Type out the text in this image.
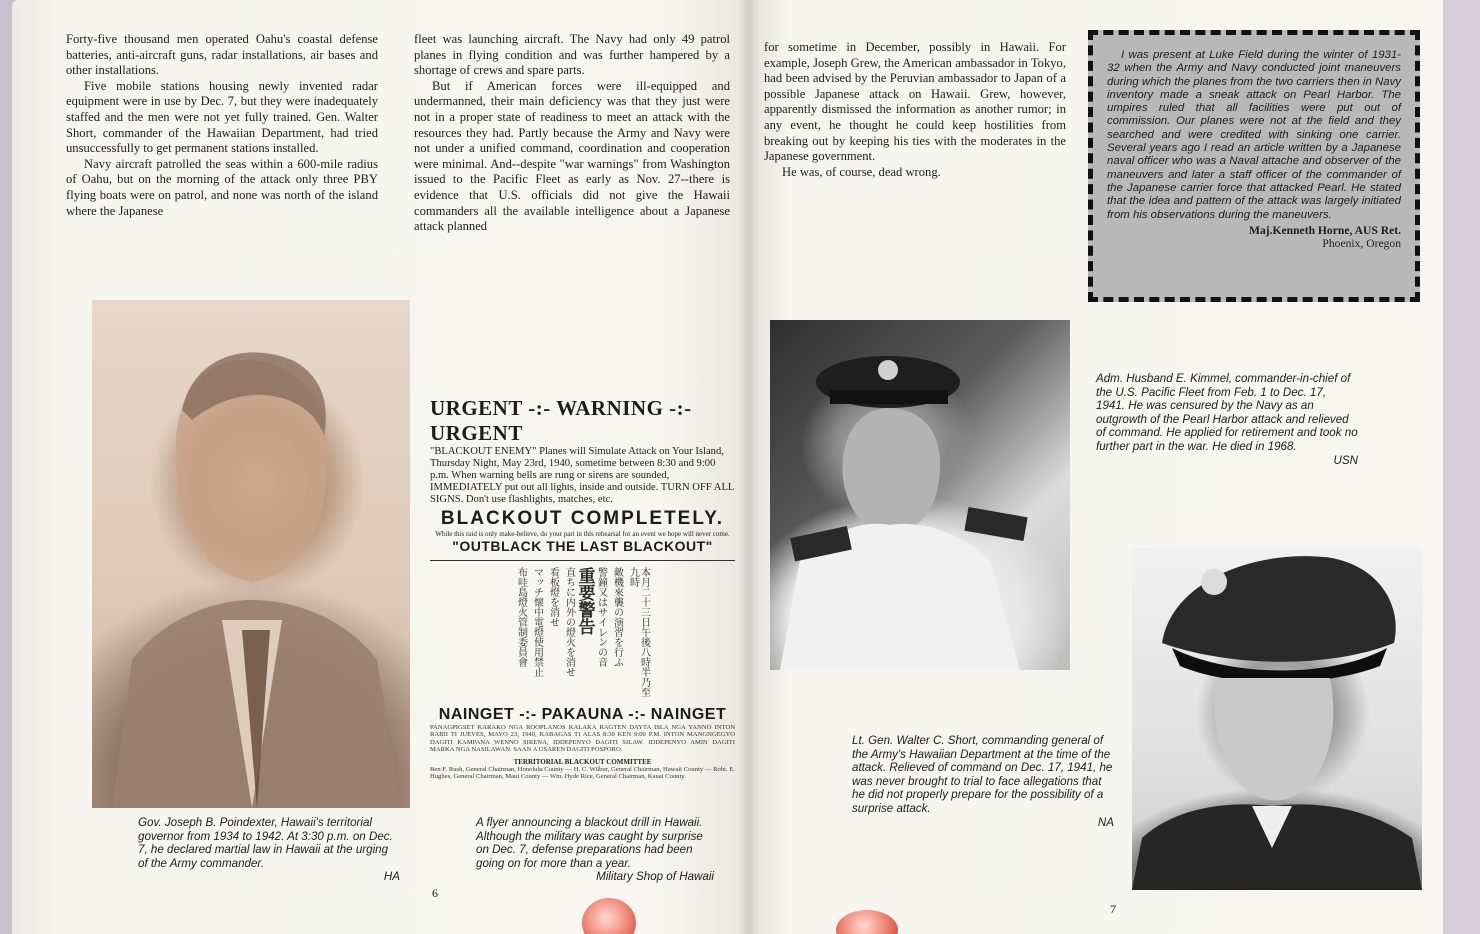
Forty-five thousand men operated Oahu's coastal defense batteries, anti-aircraft guns, radar installations, air bases and other installations.

Five mobile stations housing newly invented radar equipment were in use by Dec. 7, but they were inadequately staffed and the men were not yet fully trained. Gen. Walter Short, commander of the Hawaiian Department, had tried unsuccessfully to get permanent stations installed.

Navy aircraft patrolled the seas within a 600-mile radius of Oahu, but on the morning of the attack only three PBY flying boats were on patrol, and none was north of the island where the Japanese

fleet was launching aircraft. The Navy had only 49 patrol planes in flying condition and was further hampered by a shortage of crews and spare parts.

But if American forces were ill-equipped and undermanned, their main deficiency was that they just were not in a proper state of readiness to meet an attack with the resources they had. Partly because the Army and Navy were not under a unified command, coordination and cooperation were minimal. And--despite "war warnings" from Washington issued to the Pacific Fleet as early as Nov. 27--there is evidence that U.S. officials did not give the Hawaii commanders all the available intelligence about a Japanese attack planned

Gov. Joseph B. Poindexter, Hawaii's territorial governor from 1934 to 1942. At 3:30 p.m. on Dec. 7, he declared martial law in Hawaii at the urging of the Army commander.
HA
URGENT -:- WARNING -:- URGENT
"BLACKOUT ENEMY" Planes will Simulate Attack on Your Island, Thursday Night, May 23rd, 1940, sometime between 8:30 and 9:00 p.m. When warning bells are rung or sirens are sounded, IMMEDIATELY put out all lights, inside and outside. TURN OFF ALL SIGNS. Don't use flashlights, matches, etc.
BLACKOUT COMPLETELY.
While this raid is only make-believe, do your part in this rehearsal for an event we hope will never come.
"OUTBLACK THE LAST BLACKOUT"
本月二十三日午後八時半乃至九時
敵機來襲の演習を行ふ
警鐘又はサイレンの音
重要警告
直ちに内外の燈火を消せ
看板燈を消せ
マッチ懐中電燈使用禁止
布哇島燈火管制委員會
NAINGET -:- PAKAUNA -:- NAINGET
PANAGPIGSET KARAKO NGA ROOPLANOS KALAKA RAGTEN DAYTA ISLA NGA YANNO INTON RABII TI JUEVES, MAYO 23, 1940, KABAGAS TI ALAS 8:30 KEN 9:00 P.M. INTON MANGNGEGYO DAGITI KAMPANA WENNO SIRENA, IDDEPENYO DAGITI SILAW. IDDEPENYO AMIN DAGITI MARKA NGA NASILAWAN. SAAN A USAREN DAGITI POSPORO.
TERRITORIAL BLACKOUT COMMITTEE
Ben F. Rush, General Chairman, Honolulu County — H. C. Wilbur, General Chairman, Hawaii County — Robt. E. Hughes, General Chairman, Maui County — Wm. Hyde Rice, General Chairman, Kauai County.
A flyer announcing a blackout drill in Hawaii. Although the military was caught by surprise on Dec. 7, defense preparations had been going on for more than a year.
Military Shop of Hawaii
6

for sometime in December, possibly in Hawaii. For example, Joseph Grew, the American ambassador in Tokyo, had been advised by the Peruvian ambassador to Japan of a possible Japanese attack on Hawaii. Grew, however, apparently dismissed the information as another rumor; in any event, he thought he could keep hostilities from breaking out by keeping his ties with the moderates in the Japanese government.

He was, of course, dead wrong.

I was present at Luke Field during the winter of 1931-32 when the Army and Navy conducted joint maneuvers during which the planes from the two carriers then in Navy inventory made a sneak attack on Pearl Harbor. The umpires ruled that all facilities were put out of commission. Our planes were not at the field and they searched and were credited with sinking one carrier. Several years ago I read an article written by a Japanese naval officer who was a Naval attache and observer of the maneuvers and later a staff officer of the commander of the Japanese carrier force that attacked Pearl. He stated that the idea and pattern of the attack was largely initiated from his observations during the maneuvers.
Maj.Kenneth Horne, AUS Ret.
Phoenix, Oregon
Adm. Husband E. Kimmel, commander-in-chief of the U.S. Pacific Fleet from Feb. 1 to Dec. 17, 1941. He was censured by the Navy as an outgrowth of the Pearl Harbor attack and relieved of command. He applied for retirement and took no further part in the war. He died in 1968.
USN
Lt. Gen. Walter C. Short, commanding general of the Army's Hawaiian Department at the time of the attack. Relieved of command on Dec. 17, 1941, he was never brought to trial to face allegations that he did not properly prepare for the possibility of a surprise attack.
NA
7
